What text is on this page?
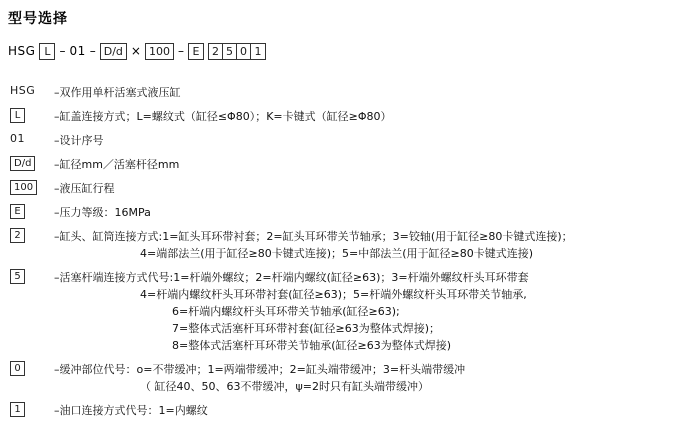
型号选择
HSG L – 01 – D/d × 100 – E	2 5 0 1
HSG –双作用单杆活塞式液压缸
L	–缸盖连接方式；L=螺纹式（缸径≤Φ80）；K=卡键式（缸径≥Φ80）
01	–设计序号
D/d	–缸径mm／活塞杆径mm
100	–液压缸行程
E	–压力等级：16MPa
2	–缸头、缸筒连接方式:1=缸头耳环带衬套；2=缸头耳环带关节轴承；3=铰轴(用于缸径≥80卡键式连接)；
4=端部法兰(用于缸径≥80卡键式连接)；5=中部法兰(用于缸径≥80卡键式连接)
5	–活塞杆端连接方式代号:1=杆端外螺纹；2=杆端内螺纹(缸径≥63)；3=杆端外螺纹杆头耳环带套
4=杆端内螺纹杆头耳环带衬套(缸径≥63)；5=杆端外螺纹杆头耳环带关节轴承,
6=杆端内螺纹杆头耳环带关节轴承(缸径≥63);
7=整体式活塞杆耳环带衬套(缸径≥63为整体式焊接)；
8=整体式活塞杆耳环带关节轴承(缸径≥63为整体式焊接)
0	–缓冲部位代号：o=不带缓冲；1=两端带缓冲；2=缸头端带缓冲；3=杆头端带缓冲
（ 缸径40、50、63不带缓冲，ψ=2时只有缸头端带缓冲）
1	–油口连接方式代号：1=内螺纹
